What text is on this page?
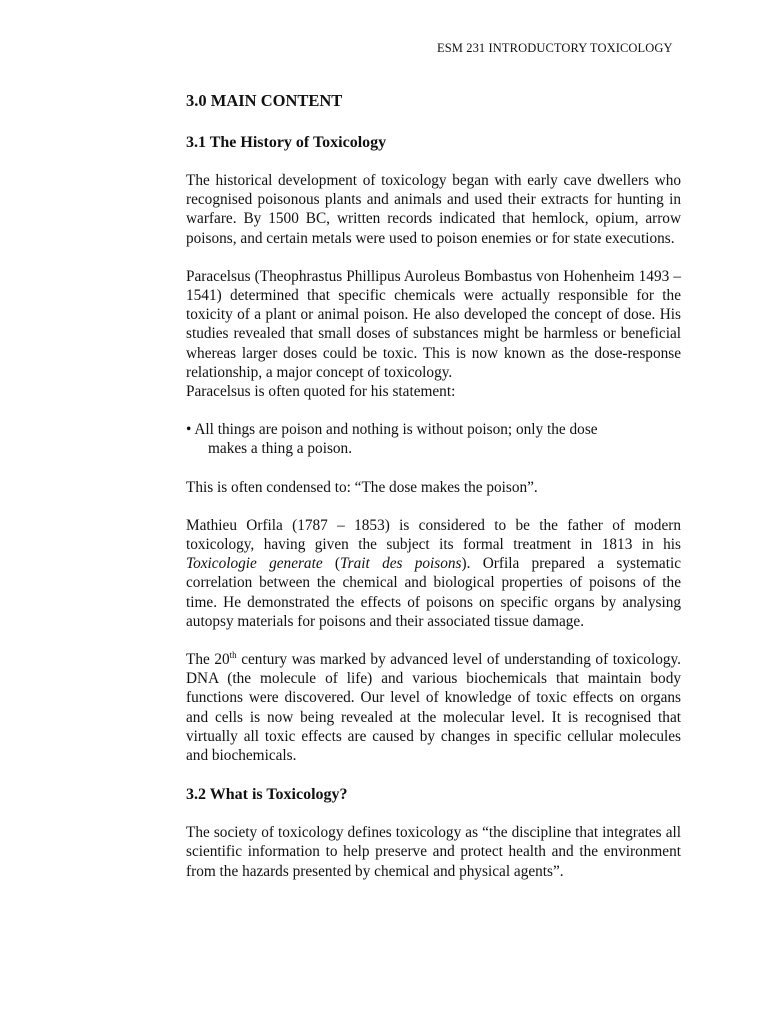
ESM 231 INTRODUCTORY TOXICOLOGY
3.0 MAIN CONTENT
3.1 The History of Toxicology

The historical development of toxicology began with early cave dwellers who recognised poisonous plants and animals and used their extracts for hunting in warfare. By 1500 BC, written records indicated that hemlock, opium, arrow poisons, and certain metals were used to poison enemies or for state executions.

Paracelsus (Theophrastus Phillipus Auroleus Bombastus von Hohenheim 1493 – 1541) determined that specific chemicals were actually responsible for the toxicity of a plant or animal poison. He also developed the concept of dose. His studies revealed that small doses of substances might be harmless or beneficial whereas larger doses could be toxic. This is now known as the dose-response relationship, a major concept of toxicology.

Paracelsus is often quoted for his statement:

• All things are poison and nothing is without poison; only the dose
makes a thing a poison.

This is often condensed to: “The dose makes the poison”.

Mathieu Orfila (1787 – 1853) is considered to be the father of modern toxicology, having given the subject its formal treatment in 1813 in his Toxicologie generate (Trait des poisons). Orfila prepared a systematic correlation between the chemical and biological properties of poisons of the time. He demonstrated the effects of poisons on specific organs by analysing autopsy materials for poisons and their associated tissue damage.

The 20th century was marked by advanced level of understanding of toxicology. DNA (the molecule of life) and various biochemicals that maintain body functions were discovered. Our level of knowledge of toxic effects on organs and cells is now being revealed at the molecular level. It is recognised that virtually all toxic effects are caused by changes in specific cellular molecules and biochemicals.

3.2 What is Toxicology?

The society of toxicology defines toxicology as “the discipline that integrates all scientific information to help preserve and protect health and the environment from the hazards presented by chemical and physical agents”.
